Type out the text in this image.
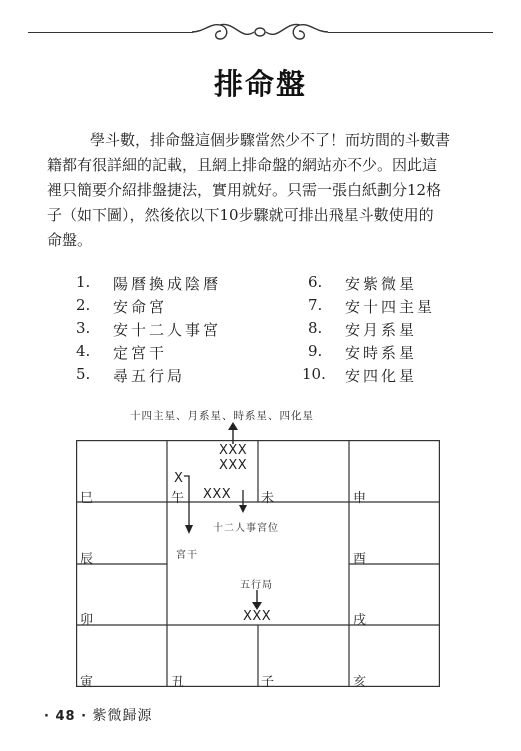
排命盤
學斗數，排命盤這個步驟當然少不了！而坊間的斗數書
籍都有很詳細的記載，且網上排命盤的網站亦不少。因此這
裡只簡要介紹排盤捷法，實用就好。只需一張白紙劃分12格
子（如下圖），然後依以下10步驟就可排出飛星斗數使用的
命盤。
1.	陽曆換成陰曆
2.	安命宮
3.	安十二人事宮
4.	定宮干
5.	尋五行局
6.	安紫微星
7.	安十四主星
8.	安月系星
9.	安時系星
10.	安四化星
十四主星、月系星、時系星、四化星
巳	午	未	申
辰	酉
卯	戌
寅	丑	子	亥
XXX
XXX
X
XXX
十二人事宮位
宮干
五行局
XXX
· 48 · 紫微歸源
